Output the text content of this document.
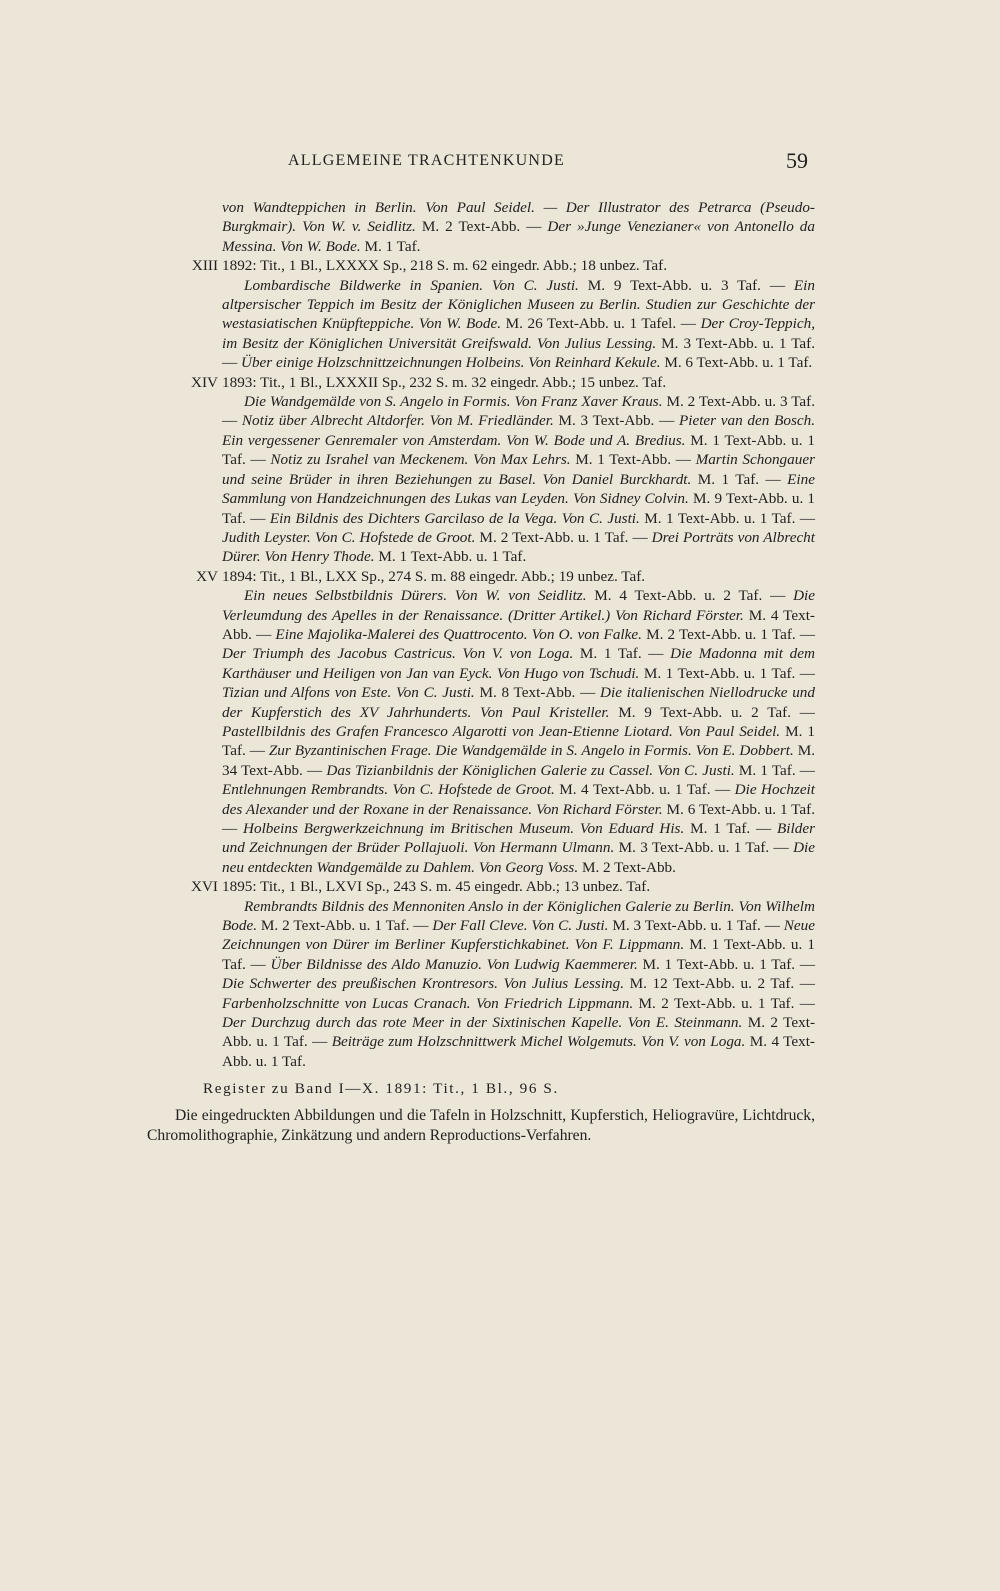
ALLGEMEINE TRACHTENKUNDE	59
von Wandteppichen in Berlin. Von Paul Seidel. — Der Illustrator des Petrarca (Pseudo-Burgkmair). Von W. v. Seidlitz. M. 2 Text-Abb. — Der »Junge Venezianer« von Antonello da Messina. Von W. Bode. M. 1 Taf.
XIII 1892: Tit., 1 Bl., LXXXX Sp., 218 S. m. 62 eingedr. Abb.; 18 unbez. Taf.

Lombardische Bildwerke in Spanien. Von C. Justi. M. 9 Text-Abb. u. 3 Taf. — Ein altpersischer Teppich im Besitz der Königlichen Museen zu Berlin. Studien zur Geschichte der westasiatischen Knüpfteppiche. Von W. Bode. M. 26 Text-Abb. u. 1 Tafel. — Der Croy-Teppich, im Besitz der Königlichen Universität Greifswald. Von Julius Lessing. M. 3 Text-Abb. u. 1 Taf. — Über einige Holzschnittzeichnungen Holbeins. Von Reinhard Kekule. M. 6 Text-Abb. u. 1 Taf.

XIV 1893: Tit., 1 Bl., LXXXII Sp., 232 S. m. 32 eingedr. Abb.; 15 unbez. Taf.

Die Wandgemälde von S. Angelo in Formis. Von Franz Xaver Kraus. M. 2 Text-Abb. u. 3 Taf. — Notiz über Albrecht Altdorfer. Von M. Friedländer. M. 3 Text-Abb. — Pieter van den Bosch. Ein vergessener Genremaler von Amsterdam. Von W. Bode und A. Bredius. M. 1 Text-Abb. u. 1 Taf. — Notiz zu Israhel van Meckenem. Von Max Lehrs. M. 1 Text-Abb. — Martin Schongauer und seine Brüder in ihren Beziehungen zu Basel. Von Daniel Burckhardt. M. 1 Taf. — Eine Sammlung von Handzeichnungen des Lukas van Leyden. Von Sidney Colvin. M. 9 Text-Abb. u. 1 Taf. — Ein Bildnis des Dichters Garcilaso de la Vega. Von C. Justi. M. 1 Text-Abb. u. 1 Taf. — Judith Leyster. Von C. Hofstede de Groot. M. 2 Text-Abb. u. 1 Taf. — Drei Porträts von Albrecht Dürer. Von Henry Thode. M. 1 Text-Abb. u. 1 Taf.

XV 1894: Tit., 1 Bl., LXX Sp., 274 S. m. 88 eingedr. Abb.; 19 unbez. Taf.

Ein neues Selbstbildnis Dürers. Von W. von Seidlitz. M. 4 Text-Abb. u. 2 Taf. — Die Verleumdung des Apelles in der Renaissance. (Dritter Artikel.) Von Richard Förster. M. 4 Text-Abb. — Eine Majolika-Malerei des Quattrocento. Von O. von Falke. M. 2 Text-Abb. u. 1 Taf. — Der Triumph des Jacobus Castricus. Von V. von Loga. M. 1 Taf. — Die Madonna mit dem Karthäuser und Heiligen von Jan van Eyck. Von Hugo von Tschudi. M. 1 Text-Abb. u. 1 Taf. — Tizian und Alfons von Este. Von C. Justi. M. 8 Text-Abb. — Die italienischen Niellodrucke und der Kupferstich des XV Jahrhunderts. Von Paul Kristeller. M. 9 Text-Abb. u. 2 Taf. — Pastellbildnis des Grafen Francesco Algarotti von Jean-Etienne Liotard. Von Paul Seidel. M. 1 Taf. — Zur Byzantinischen Frage. Die Wandgemälde in S. Angelo in Formis. Von E. Dobbert. M. 34 Text-Abb. — Das Tizianbildnis der Königlichen Galerie zu Cassel. Von C. Justi. M. 1 Taf. — Entlehnungen Rembrandts. Von C. Hofstede de Groot. M. 4 Text-Abb. u. 1 Taf. — Die Hochzeit des Alexander und der Roxane in der Renaissance. Von Richard Förster. M. 6 Text-Abb. u. 1 Taf. — Holbeins Bergwerkzeichnung im Britischen Museum. Von Eduard His. M. 1 Taf. — Bilder und Zeichnungen der Brüder Pollajuoli. Von Hermann Ulmann. M. 3 Text-Abb. u. 1 Taf. — Die neu entdeckten Wandgemälde zu Dahlem. Von Georg Voss. M. 2 Text-Abb.

XVI 1895: Tit., 1 Bl., LXVI Sp., 243 S. m. 45 eingedr. Abb.; 13 unbez. Taf.

Rembrandts Bildnis des Mennoniten Anslo in der Königlichen Galerie zu Berlin. Von Wilhelm Bode. M. 2 Text-Abb. u. 1 Taf. — Der Fall Cleve. Von C. Justi. M. 3 Text-Abb. u. 1 Taf. — Neue Zeichnungen von Dürer im Berliner Kupferstichkabinet. Von F. Lippmann. M. 1 Text-Abb. u. 1 Taf. — Über Bildnisse des Aldo Manuzio. Von Ludwig Kaemmerer. M. 1 Text-Abb. u. 1 Taf. — Die Schwerter des preußischen Krontresors. Von Julius Lessing. M. 12 Text-Abb. u. 2 Taf. — Farbenholzschnitte von Lucas Cranach. Von Friedrich Lippmann. M. 2 Text-Abb. u. 1 Taf. — Der Durchzug durch das rote Meer in der Sixtinischen Kapelle. Von E. Steinmann. M. 2 Text-Abb. u. 1 Taf. — Beiträge zum Holzschnittwerk Michel Wolgemuts. Von V. von Loga. M. 4 Text-Abb. u. 1 Taf.

Register zu Band I—X. 1891: Tit., 1 Bl., 96 S.
Die eingedruckten Abbildungen und die Tafeln in Holzschnitt, Kupferstich, Heliogravüre, Lichtdruck, Chromolithographie, Zinkätzung und andern Reproductions-Verfahren.
